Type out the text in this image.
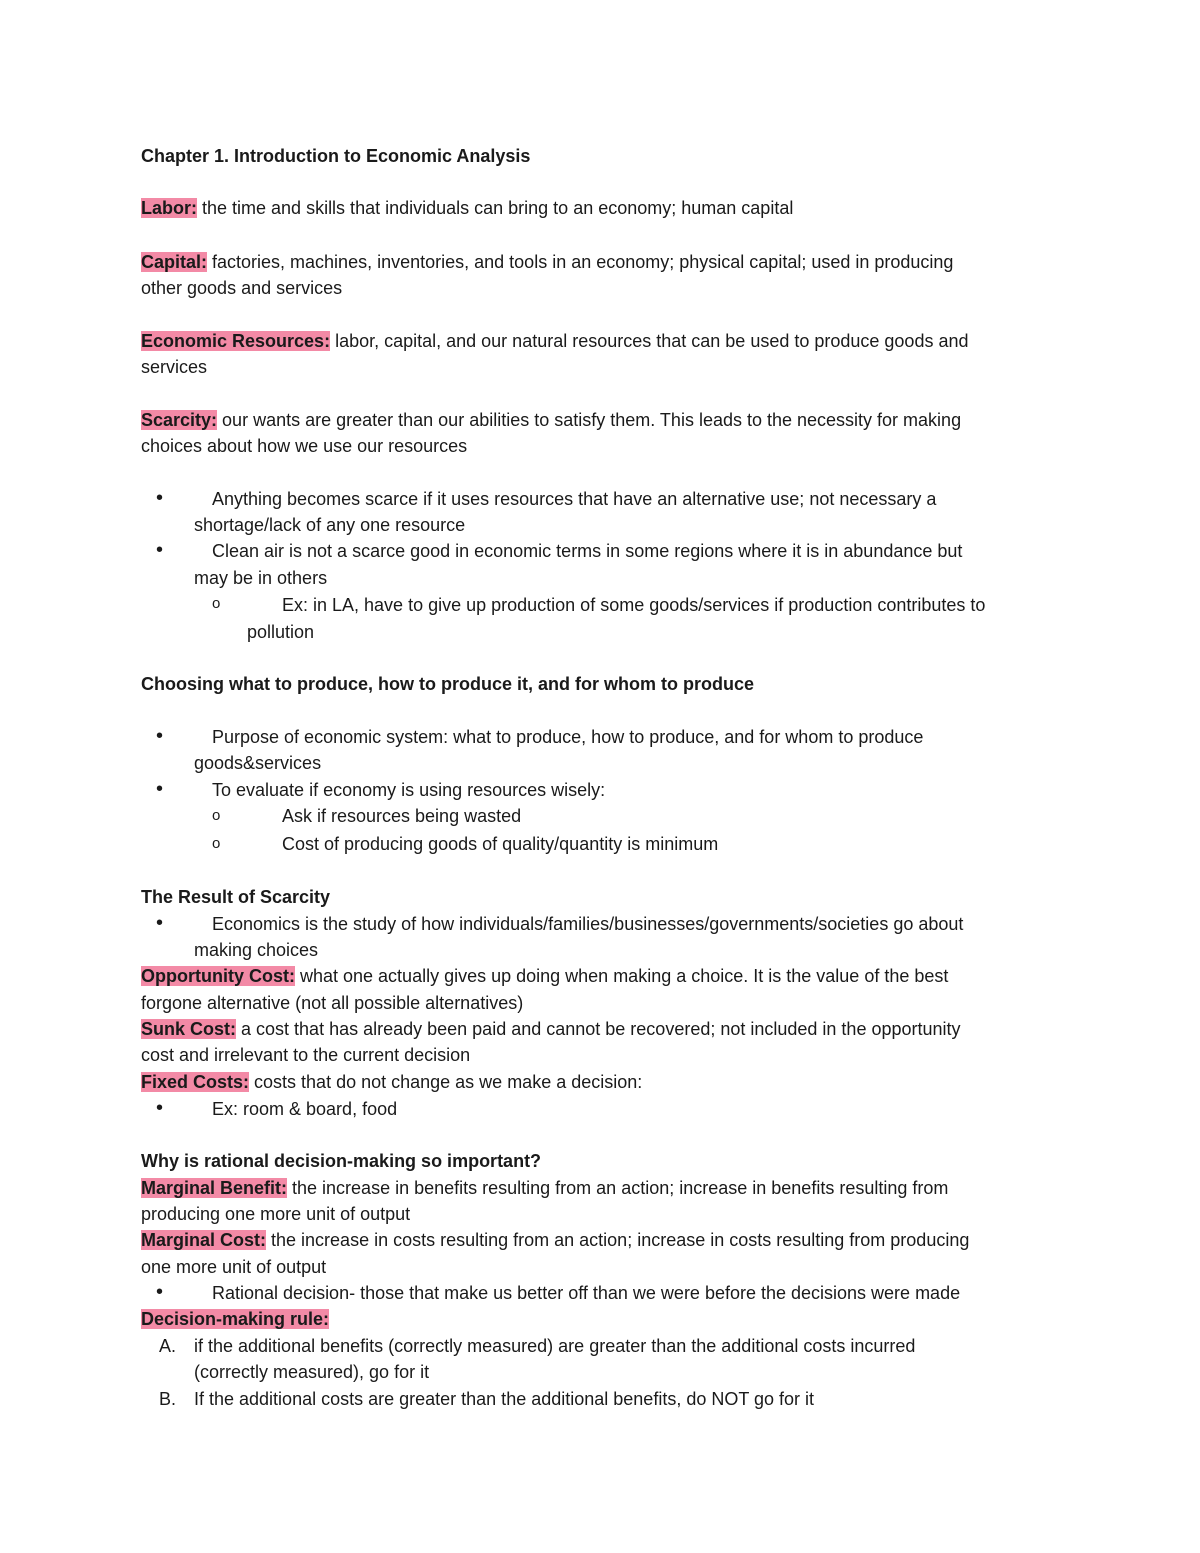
Chapter 1. Introduction to Economic Analysis
Labor: the time and skills that individuals can bring to an economy; human capital
Capital: factories, machines, inventories, and tools in an economy; physical capital; used in producing
other goods and services
Economic Resources: labor, capital, and our natural resources that can be used to produce goods and
services
Scarcity: our wants are greater than our abilities to satisfy them. This leads to the necessity for making
choices about how we use our resources
•	Anything becomes scarce if it uses resources that have an alternative use; not necessary a
shortage/lack of any one resource
•	Clean air is not a scarce good in economic terms in some regions where it is in abundance but
may be in others
o	Ex: in LA, have to give up production of some goods/services if production contributes to
pollution
Choosing what to produce, how to produce it, and for whom to produce
•	Purpose of economic system: what to produce, how to produce, and for whom to produce
goods&services
•	To evaluate if economy is using resources wisely:
o	Ask if resources being wasted
o	Cost of producing goods of quality/quantity is minimum
The Result of Scarcity
•	Economics is the study of how individuals/families/businesses/governments/societies go about
making choices
Opportunity Cost: what one actually gives up doing when making a choice. It is the value of the best
forgone alternative (not all possible alternatives)
Sunk Cost: a cost that has already been paid and cannot be recovered; not included in the opportunity
cost and irrelevant to the current decision
Fixed Costs: costs that do not change as we make a decision:
•	Ex: room & board, food
Why is rational decision-making so important?
Marginal Benefit: the increase in benefits resulting from an action; increase in benefits resulting from
producing one more unit of output
Marginal Cost: the increase in costs resulting from an action; increase in costs resulting from producing
one more unit of output
•	Rational decision- those that make us better off than we were before the decisions were made
Decision-making rule:
A. if the additional benefits (correctly measured) are greater than the additional costs incurred
(correctly measured), go for it
B. If the additional costs are greater than the additional benefits, do NOT go for it
